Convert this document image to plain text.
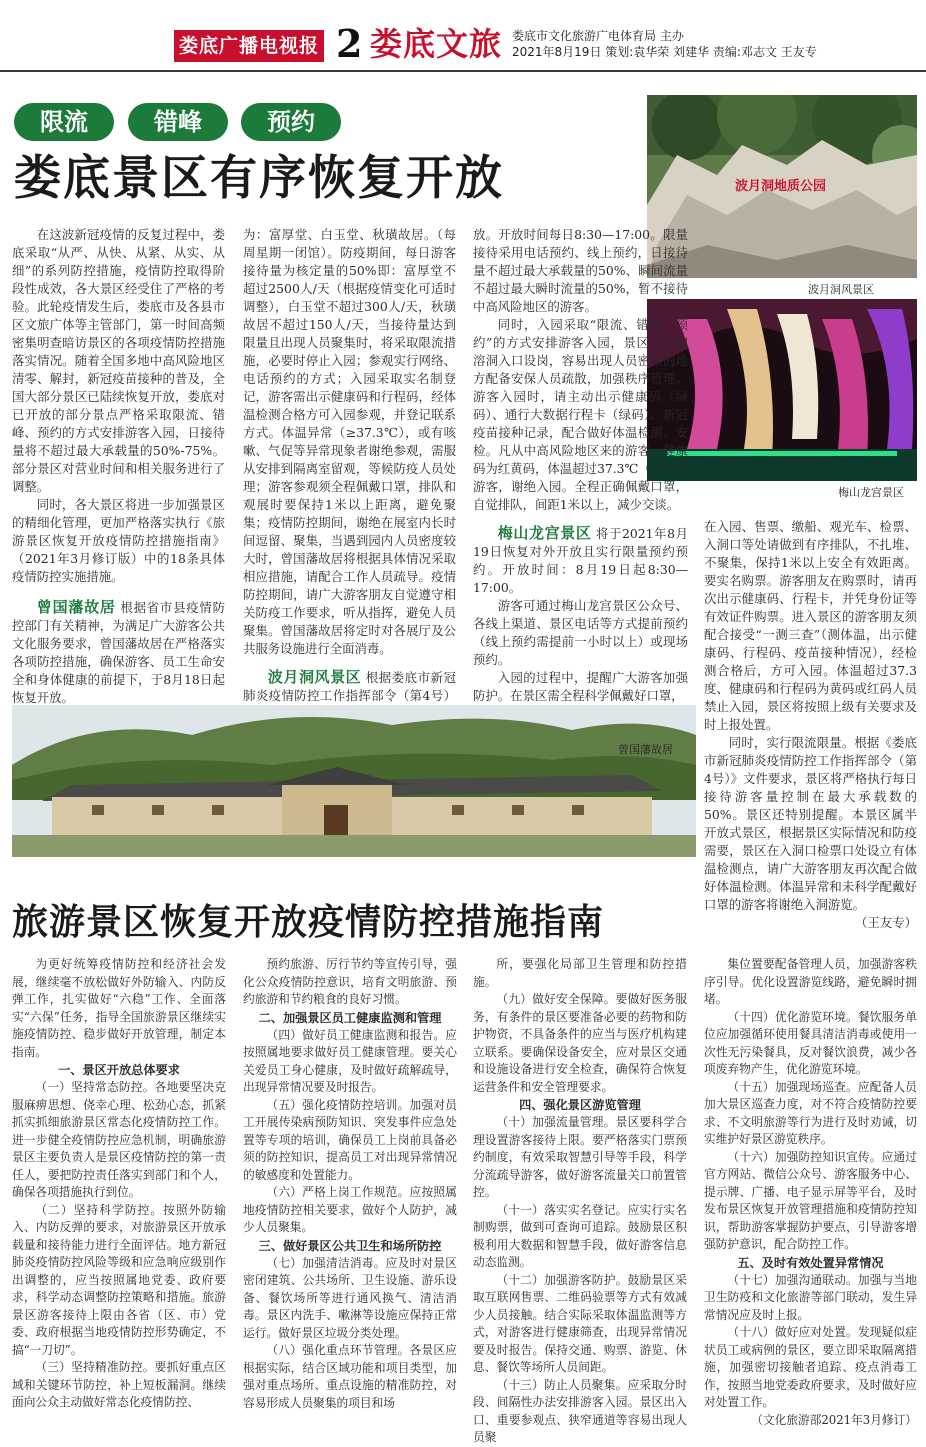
娄底广播电视报 2 娄底文旅 娄底市文化旅游广电体育局 主办
2021年8月19日 策划:袁华荣 刘建华 责编:邓志文 王友专
限流	错峰	预约
娄底景区有序恢复开放	波月洞地质公园
波月洞风景区
梅山龙宫景区

在这波新冠疫情的反复过程中，娄底采取“从严、从快、从紧、从实、从细”的系列防控措施，疫情防控取得阶段性成效，各大景区经受住了严格的考验。此轮疫情发生后，娄底市及各县市区文旅广体等主管部门，第一时间高频密集明查暗访景区的各项疫情防控措施落实情况。随着全国多地中高风险地区清零、解封，新冠疫苗接种的普及，全国大部分景区已陆续恢复开放，娄底对已开放的部分景点严格采取限流、错峰、预约的方式安排游客入园，日接待量将不超过最大承载量的50%-75%。部分景区对营业时间和相关服务进行了调整。

同时，各大景区将进一步加强景区的精细化管理，更加严格落实执行《旅游景区恢复开放疫情防控措施指南》（2021年3月修订版）中的18条具体疫情防控实施措施。

曾国藩故居 根据省市县疫情防控部门有关精神，为满足广大游客公共文化服务要求，曾国藩故居在严格落实各项防控措施，确保游客、员工生命安全和身体健康的前提下，于8月18日起恢复开放。

为：富厚堂、白玉堂、秋璜故居。（每周星期一闭馆）。防疫期间，每日游客接待量为核定量的50%即：富厚堂不超过2500人/天（根据疫情变化可适时调整），白玉堂不超过300人/天，秋璜故居不超过150人/天，当接待量达到限量且出现人员聚集时，将采取限流措施，必要时停止入园；参观实行网络、电话预约的方式；入园采取实名制登记，游客需出示健康码和行程码，经体温检测合格方可入园参观，并登记联系方式。体温异常（≥37.3℃），或有咳嗽、气促等异常现象者谢绝参观，需服从安排到隔离室留观，等候防疫人员处理；游客参观须全程佩戴口罩，排队和观展时要保持1米以上距离，避免聚集；疫情防控期间，谢绝在展室内长时间逗留、聚集，当遇到园内人员密度较大时，曾国藩故居将根据具体情况采取相应措施，请配合工作人员疏导。疫情防控期间，请广大游客朋友自觉遵守相关防疫工作要求，听从指挥，避免人员聚集。曾国藩故居将定时对各展厅及公共服务设施进行全面消毒。

波月洞风景区 根据娄底市新冠肺炎疫情防控工作指挥部令（第4号）

放。开放时间每日8:30—17:00。限量接待采用电话预约、线上预约，日接待量不超过最大承载量的50%、瞬间流量不超过最大瞬时流量的50%，暂不接待中高风险地区的游客。

同时，入园采取“限流、错峰、预约”的方式安排游客入园，景区大门和溶洞入口设岗，容易出现人员密集的地方配备安保人员疏散，加强秩序管理。游客入园时，请主动出示健康码（绿码）、通行大数据行程卡（绿码）、新冠疫苗接种记录，配合做好体温检测、安检。凡从中高风险地区来的游客，健康码为红黄码，体温超过37.3℃（含）的游客，谢绝入园。全程正确佩戴口罩，自觉排队，间距1米以上，减少交谈。

梅山龙宫景区 将于2021年8月19日恢复对外开放且实行限量预约预约。开放时间：8月19日起8:30—17:00。

游客可通过梅山龙宫景区公众号、各线上渠道、景区电话等方式提前预约（线上预约需提前一小时以上）或现场预约。

入园的过程中，提醒广大游客加强防护。在景区需全程科学佩戴好口罩，

曾国藩故居

在入园、售票、缴船、观光车、检票、入洞口等处请做到有序排队，不扎堆、不聚集，保持1米以上安全有效距离。要实名购票。游客朋友在购票时，请再次出示健康码、行程卡，并凭身份证等有效证件购票。进入景区的游客朋友须配合接受“一测三查”（测体温，出示健康码、行程码、疫苗接种情况），经检测合格后，方可入园。体温超过37.3度、健康码和行程码为黄码或红码人员禁止入园，景区将按照上级有关要求及时上报处置。

同时，实行限流限量。根据《娄底市新冠肺炎疫情防控工作指挥部令（第4号）》文件要求，景区将严格执行每日接待游客量控制在最大承载数的50%。景区还特别提醒。本景区属半开放式景区，根据景区实际情况和防疫需要，景区在入洞口检票口处设立有体温检测点，请广大游客朋友再次配合做好体温检测。体温异常和未科学配戴好口罩的游客将谢绝入洞游览。

（王友专）
旅游景区恢复开放疫情防控措施指南

为更好统筹疫情防控和经济社会发展，继续毫不放松做好外防输入、内防反弹工作，扎实做好“六稳”工作、全面落实“六保”任务，指导全国旅游景区继续实施疫情防控、稳步做好开放管理，制定本指南。

一、景区开放总体要求

（一）坚持常态防控。各地要坚决克服麻痹思想、侥幸心理、松劲心态，抓紧抓实抓细旅游景区常态化疫情防控工作。进一步健全疫情防控应急机制，明确旅游景区主要负责人是景区疫情防控的第一责任人，要把防控责任落实到部门和个人，确保各项措施执行到位。

（二）坚持科学防控。按照外防输入、内防反弹的要求，对旅游景区开放承载量和接待能力进行全面评估。地方新冠肺炎疫情防控风险等级和应急响应级别作出调整的，应当按照属地党委、政府要求，科学动态调整防控策略和措施。旅游景区游客接待上限由各省（区、市）党委、政府根据当地疫情防控形势确定，不搞“一刀切”。

（三）坚持精准防控。要抓好重点区域和关键环节防控，补上短板漏洞。继续面向公众主动做好常态化疫情防控、

预约旅游、厉行节约等宣传引导，强化公众疫情防控意识，培育文明旅游、预约旅游和节约粮食的良好习惯。

二、加强景区员工健康监测和管理

（四）做好员工健康监测和报告。应按照属地要求做好员工健康管理。要关心关爱员工身心健康，及时做好疏解疏导，出现异常情况要及时报告。

（五）强化疫情防控培训。加强对员工开展传染病预防知识、突发事件应急处置等专项的培训，确保员工上岗前具备必须的防控知识，提高员工对出现异常情况的敏感度和处置能力。

（六）严格上岗工作规范。应按照属地疫情防控相关要求，做好个人防护，减少人员聚集。

三、做好景区公共卫生和场所防控

（七）加强清洁消毒。应及时对景区密闭建筑、公共场所、卫生设施、游乐设备、餐饮场所等进行通风换气、清洁消毒。景区内洗手、嗽淋等设施应保持正常运行。做好景区垃圾分类处理。

（八）强化重点环节管理。各景区应根据实际，结合区域功能和项目类型，加强对重点场所、重点设施的精准防控，对容易形成人员聚集的项目和场

所，要强化局部卫生管理和防控措施。

（九）做好安全保障。要做好医务服务，有条件的景区要准备必要的药物和防护物资，不具备条件的应当与医疗机构建立联系。要确保设备安全，应对景区交通和设施设备进行安全检查，确保符合恢复运营条件和安全管理要求。

四、强化景区游览管理

（十）加强流量管理。景区要科学合理设置游客接待上限。要严格落实门票预约制度，有效采取智慧引导等手段，科学分流疏导游客，做好游客流量关口前置管控。

（十一）落实实名登记。应实行实名制购票，做到可查询可追踪。鼓励景区积极利用大数据和智慧手段，做好游客信息动态监测。

（十二）加强游客防护。鼓励景区采取互联网售票、二维码验票等方式有效减少人员接触。结合实际采取体温监测等方式，对游客进行健康筛查，出现异常情况要及时报告。保持交通、购票、游览、休息、餐饮等场所人员间距。

（十三）防止人员聚集。应采取分时段、间隔性办法安排游客入园。景区出入口、重要参观点、狭窄通道等容易出现人员聚

集位置要配备管理人员，加强游客秩序引导。优化设置游览线路，避免瞬时拥堵。

（十四）优化游览环境。餐饮服务单位应加强循环使用餐具清洁消毒或使用一次性无污染餐具，反对餐饮浪费，减少各项废弃物产生，优化游览环境。

（十五）加强现场巡查。应配备人员加大景区巡查力度，对不符合疫情防控要求、不文明旅游等行为进行及时劝诫，切实维护好景区游览秩序。

（十六）加强防控知识宣传。应通过官方网站、微信公众号、游客服务中心、提示牌、广播、电子显示屏等平台，及时发布景区恢复开放管理措施和疫情防控知识，帮助游客掌握防护要点，引导游客增强防护意识，配合防控工作。

五、及时有效处置异常情况

（十七）加强沟通联动。加强与当地卫生防疫和文化旅游等部门联动，发生异常情况应及时上报。

（十八）做好应对处置。发现疑似症状员工或病例的景区，要立即采取隔离措施，加强密切接触者追踪、疫点消毒工作，按照当地党委政府要求，及时做好应对处置工作。

（文化旅游部2021年3月修订）
